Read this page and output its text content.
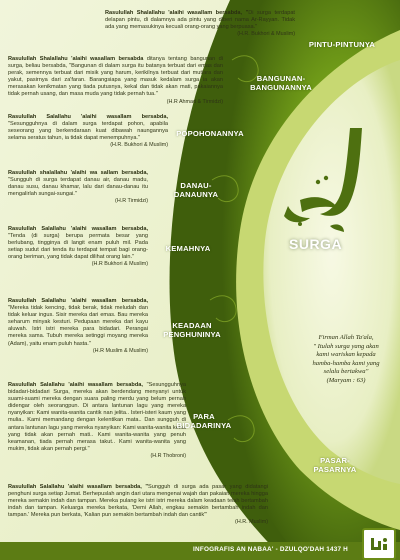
Rasulullah Shalallahu 'alaihi wasallam bersabda, "Di surga terdapat delapan pintu, di dalamnya ada pintu yang diberi nama Ar-Rayyan. Tidak ada yang memasukinya kecuali orang-orang yang berpuasa."
(H.R. Bukhori & Muslim)
Rasulullah Shalallahu 'alaihi wasallam bersabda ditanya tentang bangunan di surga, beliau bersabda, "Bangunan di dalam surga itu batanya terbuat dari emas dan perak, semennya terbuat dari misik yang harum, kerikilnya terbuat dari mutiara dan yakut, pasirnya dari za'faran. Barangsiapa yang masuk kedalam surga ia akan merasakan kenikmatan yang tiada putusnya, kekal dan tidak akan mati, pakaiannya tidak pernah usang, dan masa muda yang tidak pernah tua."
(H.R Ahmad & Tirmidzi)
Rasulullah Salallahu 'alaihi wasallam bersabda, "Sesungguhnya di dalam surga terdapat pohon, apabila seseorang yang berkendaraan kuat dibawah naungannya selama seratus tahun, ia tidak dapat menempuhnya."
(H.R. Bukhori & Muslim)
Rasulullah shalallahu 'alaihi wa sallam bersabda, "Sungguh di surga terdapat danau air, danau madu, danau susu, danau khamar, lalu dari danau-danau itu mengalirlah sungai-sungai."
(H.R Tirmidzi)
Rasulullah Salallahu 'alaihi wasallam bersabda, "Tenda (di surga) berupa permata besar yang berlubang, tingginya di langit enam puluh mil. Pada setiap sudut dari tenda itu terdapat tempat bagi orang-orang beriman, yang tidak dapat dilihat orang lain."
(H.R Bukhori & Muslim)
Rasulullah Salallahu 'alaihi wasallam bersabda, "Mereka tidak kencing, tidak berak, tidak meludah dan tidak keluar ingus. Sisir mereka dari emas. Bau mereka seharum minyak kesturi. Pedupaan mereka dari kayu aluwah. Istri istri mereka para bidadari. Perangai mereka sama. Tubuh mereka setinggi moyang mereka (Adam), yaitu enam puluh hasta."
(H.R Muslim & Muslim)
Rasulullah Salallahu 'alaihi wasallam bersabda, "Sesungguhnya bidadari-bidadari Surga, mereka akan berdendang menyanyi untuk suami-suami mereka dengan suara paling merdu yang belum pernah didengar oleh seorangpun. Di antara lantunan lagu yang mereka nyanyikan: Kami wanita-wanita cantik nan jelita.. Isteri-isteri kaum yang mulia.. Kami memandang dengan kelentikan mata.. Dan sungguh di antara lantunan lagu yang mereka nyanyikan: Kami wanita-wanita kekal yang tidak akan pernah mati.. Kami wanita-wanita yang penuh keamanan, tiada pernah merasa takut.. Kami wanita-wanita yang mukim, tidak akan pernah pergi."
(H.R Thobroni)
Rasulullah Salallahu 'alaihi wasallam bersabda, "Sungguh di surga ada pasar yang didatangi penghuni surga setiap Jumat. Berhepuslah angin dari utara mengenai wajah dan pakaian mereka hingga mereka semakin indah dan tampan. Mereka pulang ke istri istri mereka dalam keadaan telah bertambah indah dan tampan. Keluarga mereka berkata, 'Demi Allah, engkau semakin bertambah indah dan tampan.' Mereka pun berkata, 'Kalian pun semakin bertambah indah dan cantik'"
(H.R. Muslim)
PINTU-PINTUNYA
BANGUNAN-
BANGUNANNYA
POPOHONANNYA
DANAU-
DANAUNYA
KEMAHNYA
KEADAAN
PENGHUNINYA
PARA
BIDADARINYA
PASAR-
PASARNYA
SURGA
Firman Allah Ta'ala,
" Itulah surga yang akan
kami wariskan kepada
hamba-hamba kami yang
selalu bertakwa"
(Maryam : 63)
INFOGRAFIS AN NABAA' - DZULQO'DAH 1437 H
